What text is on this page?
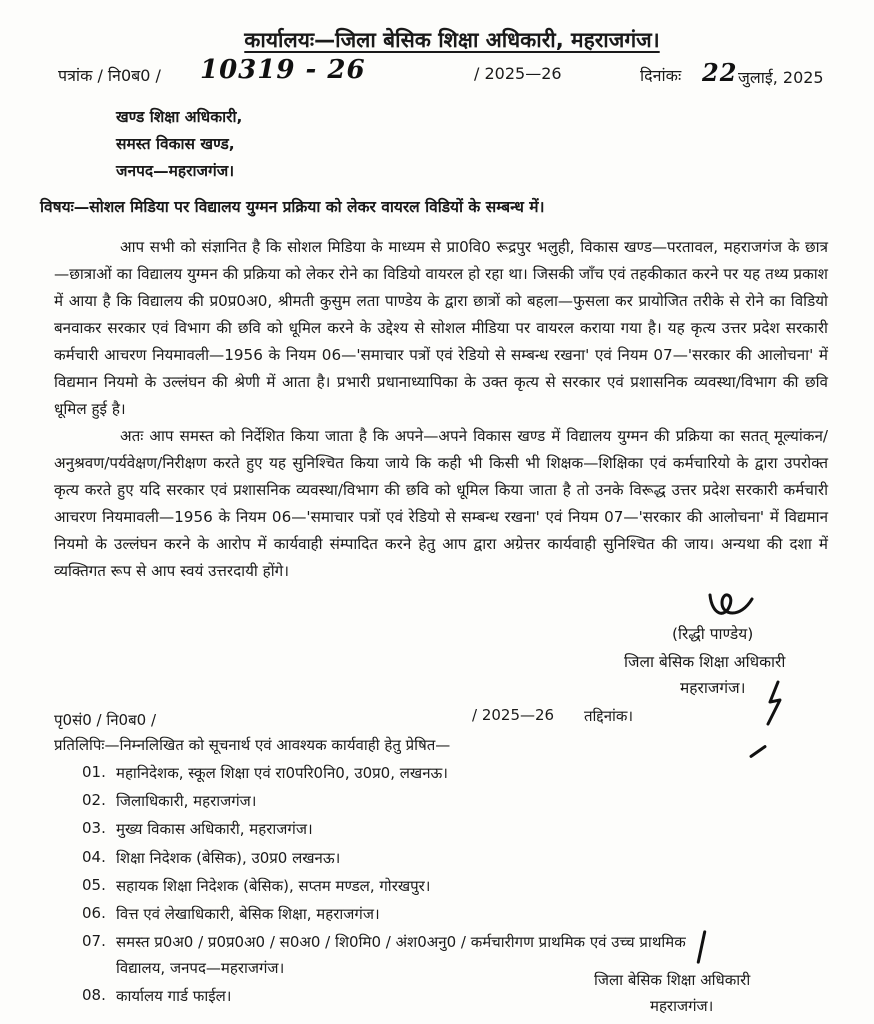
कार्यालयः—जिला बेसिक शिक्षा अधिकारी, महराजगंज।
पत्रांक / नि0ब0 / 10319 - 26	/ 2025—26	दिनांकः 22 जुलाई, 2025
खण्ड शिक्षा अधिकारी,
समस्त विकास खण्ड,
जनपद—महराजगंज।
विषयः—सोशल मिडिया पर विद्यालय युग्मन प्रक्रिया को लेकर वायरल विडियों के सम्बन्ध में।

आप सभी को संज्ञानित है कि सोशल मिडिया के माध्यम से प्रा0वि0 रूद्रपुर भलुही, विकास खण्ड—परतावल, महराजगंज के छात्र—छात्राओं का विद्यालय युग्मन की प्रक्रिया को लेकर रोने का विडियो वायरल हो रहा था। जिसकी जाँच एवं तहकीकात करने पर यह तथ्य प्रकाश में आया है कि विद्यालय की प्र0प्र0अ0, श्रीमती कुसुम लता पाण्डेय के द्वारा छात्रों को बहला—फुसला कर प्रायोजित तरीके से रोने का विडियो बनवाकर सरकार एवं विभाग की छवि को धूमिल करने के उद्देश्य से सोशल मीडिया पर वायरल कराया गया है। यह कृत्य उत्तर प्रदेश सरकारी कर्मचारी आचरण नियमावली—1956 के नियम 06—'समाचार पत्रों एवं रेडियो से सम्बन्ध रखना' एवं नियम 07—'सरकार की आलोचना' में विद्यमान नियमो के उल्लंघन की श्रेणी में आता है। प्रभारी प्रधानाध्यापिका के उक्त कृत्य से सरकार एवं प्रशासनिक व्यवस्था/विभाग की छवि धूमिल हुई है।

अतः आप समस्त को निर्देशित किया जाता है कि अपने—अपने विकास खण्ड में विद्यालय युग्मन की प्रक्रिया का सतत् मूल्यांकन/अनुश्रवण/पर्यवेक्षण/निरीक्षण करते हुए यह सुनिश्चित किया जाये कि कही भी किसी भी शिक्षक—शिक्षिका एवं कर्मचारियो के द्वारा उपरोक्त कृत्य करते हुए यदि सरकार एवं प्रशासनिक व्यवस्था/विभाग की छवि को धूमिल किया जाता है तो उनके विरूद्ध उत्तर प्रदेश सरकारी कर्मचारी आचरण नियमावली—1956 के नियम 06—'समाचार पत्रों एवं रेडियो से सम्बन्ध रखना' एवं नियम 07—'सरकार की आलोचना' में विद्यमान नियमो के उल्लंघन करने के आरोप में कार्यवाही संम्पादित करने हेतु आप द्वारा अग्रेत्तर कार्यवाही सुनिश्चित की जाय। अन्यथा की दशा में व्यक्तिगत रूप से आप स्वयं उत्तरदायी होंगे।

(रिद्धी पाण्डेय)
जिला बेसिक शिक्षा अधिकारी
महराजगंज।
पृ0सं0 / नि0ब0 /	/ 2025—26 तद्दिनांक।
प्रतिलिपिः—निम्नलिखित को सूचनार्थ एवं आवश्यक कार्यवाही हेतु प्रेषित—
01. महानिदेशक, स्कूल शिक्षा एवं रा0परि0नि0, उ0प्र0, लखनऊ।
02. जिलाधिकारी, महराजगंज।
03. मुख्य विकास अधिकारी, महराजगंज।
04. शिक्षा निदेशक (बेसिक), उ0प्र0 लखनऊ।
05. सहायक शिक्षा निदेशक (बेसिक), सप्तम मण्डल, गोरखपुर।
06. वित्त एवं लेखाधिकारी, बेसिक शिक्षा, महराजगंज।
07. समस्त प्र0अ0 / प्र0प्र0अ0 / स0अ0 / शि0मि0 / अंश0अनु0 / कर्मचारीगण प्राथमिक एवं उच्च प्राथमिक
विद्यालय, जनपद—महराजगंज।
08. कार्यालय गार्ड फाईल।
जिला बेसिक शिक्षा अधिकारी
महराजगंज।
